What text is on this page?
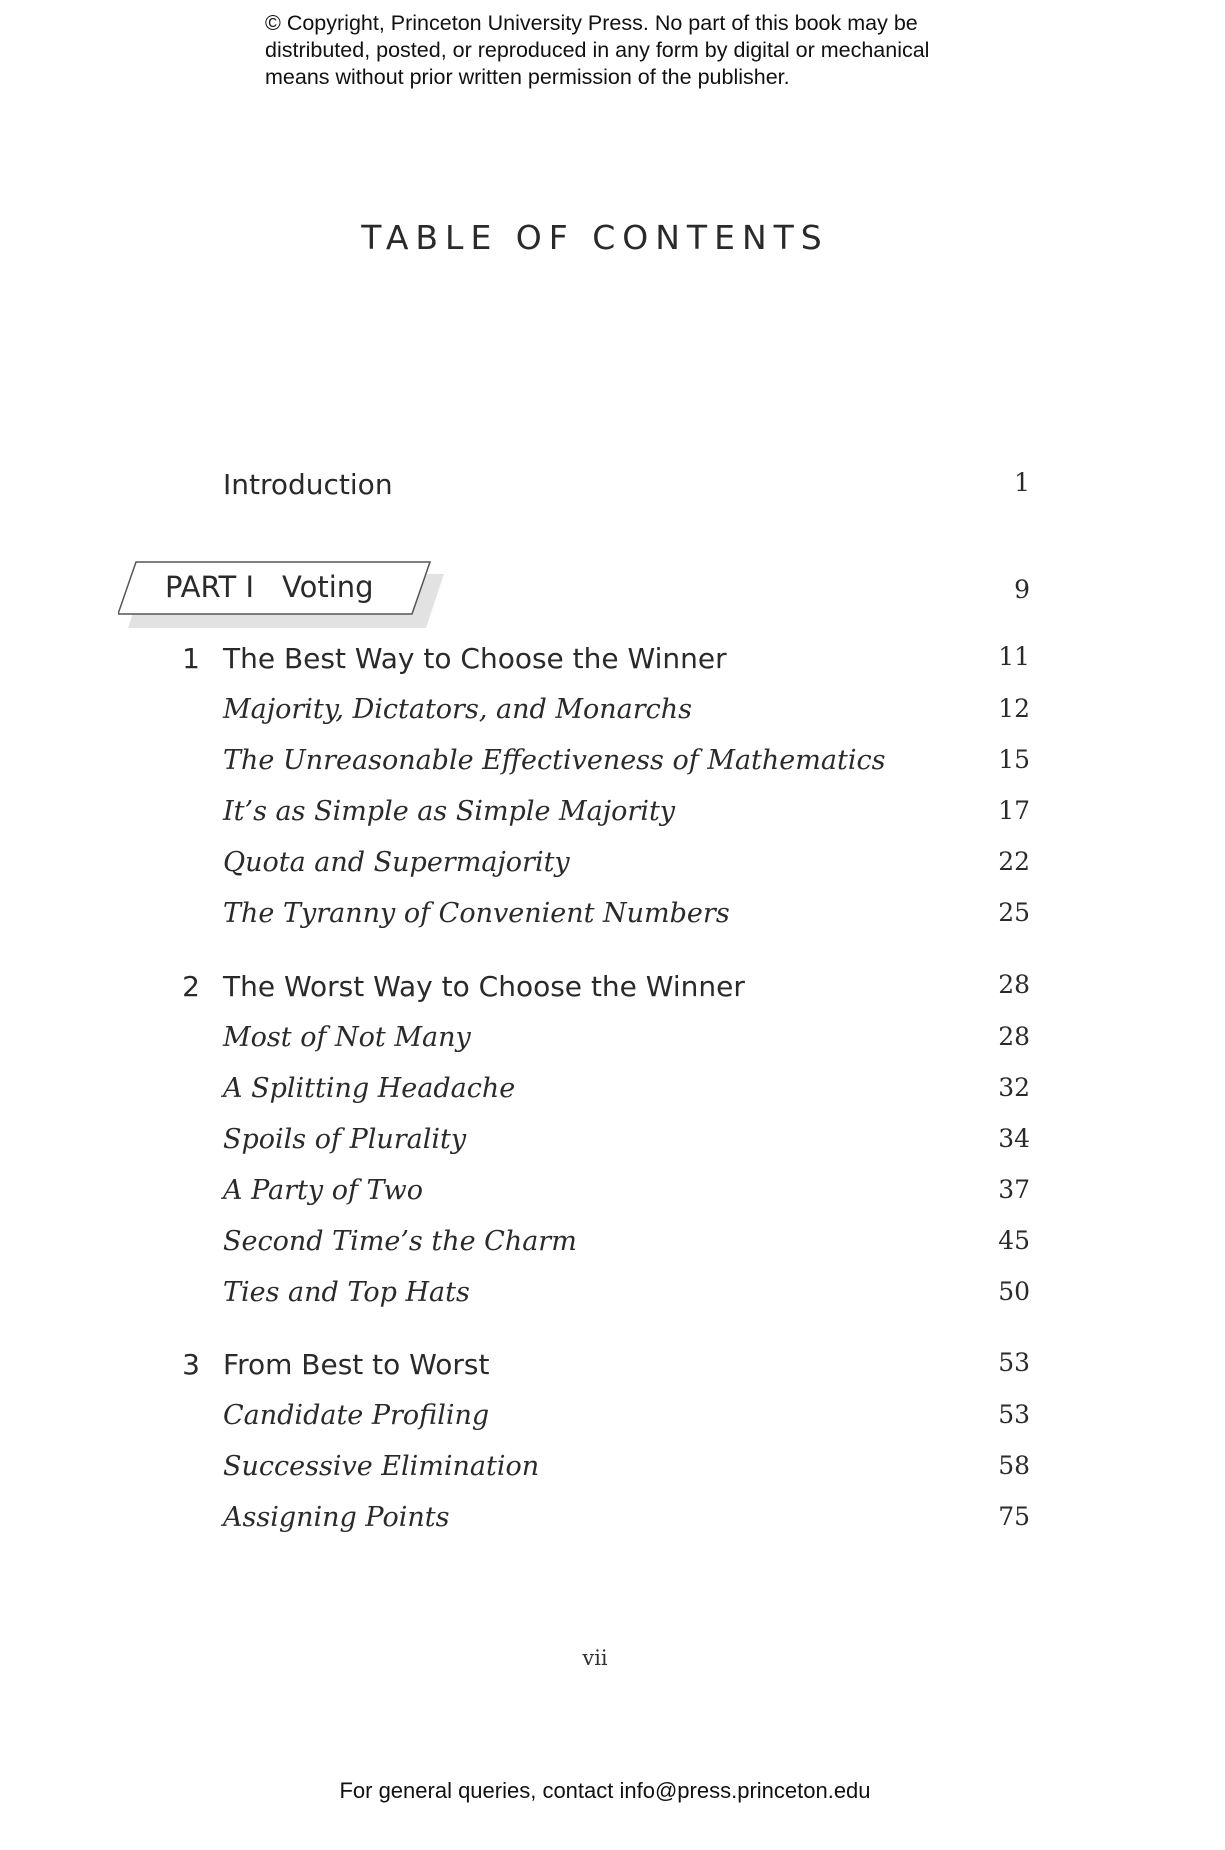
© Copyright, Princeton University Press. No part of this book may be
distributed, posted, or reproduced in any form by digital or mechanical
means without prior written permission of the publisher.
TABLE OF CONTENTS
Introduction	1
PART I Voting	9
1 The Best Way to Choose the Winner	11
Majority, Dictators, and Monarchs	12
The Unreasonable Effectiveness of Mathematics	15
It’s as Simple as Simple Majority	17
Quota and Supermajority	22
The Tyranny of Convenient Numbers	25
2 The Worst Way to Choose the Winner	28
Most of Not Many	28
A Splitting Headache	32
Spoils of Plurality	34
A Party of Two	37
Second Time’s the Charm	45
Ties and Top Hats	50
3 From Best to Worst	53
Candidate Profiling	53
Successive Elimination	58
Assigning Points	75
vii
For general queries, contact info@press.princeton.edu
